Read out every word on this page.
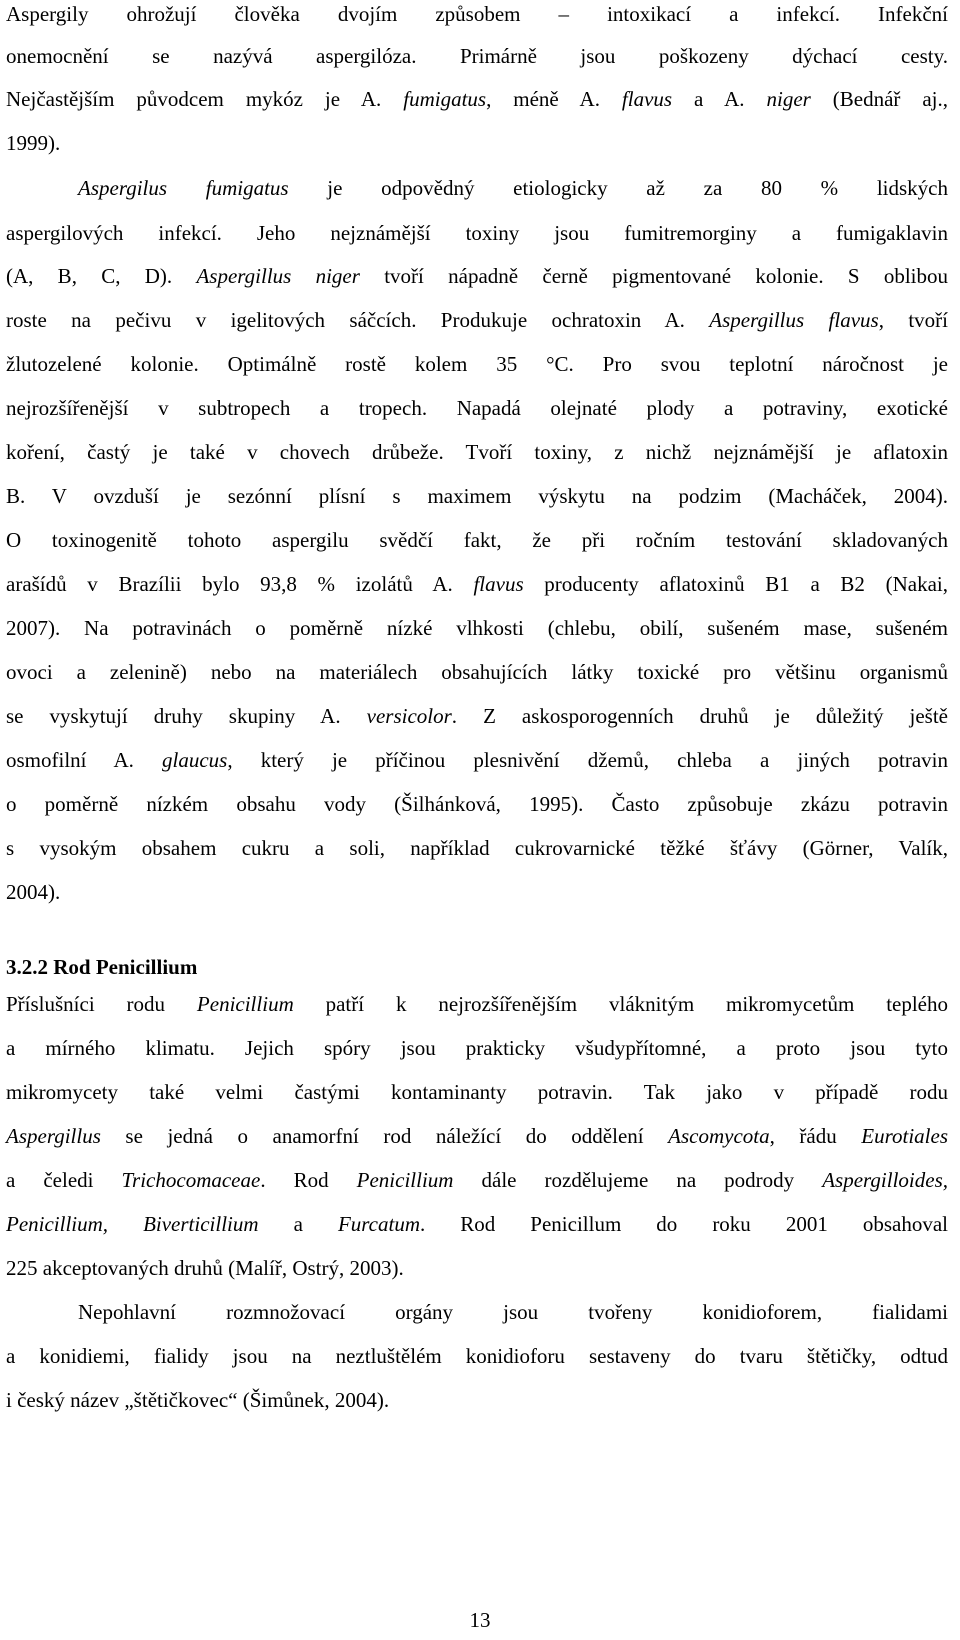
Aspergily ohrožují člověka dvojím způsobem – intoxikací a infekcí. Infekční
onemocnění se nazývá aspergilóza. Primárně jsou poškozeny dýchací cesty.
Nejčastějším původcem mykóz je A. fumigatus, méně A. flavus a A. niger (Bednář aj.,
1999).
Aspergilus fumigatus je odpovědný etiologicky až za 80 % lidských
aspergilových infekcí. Jeho nejznámější toxiny jsou fumitremorginy a fumigaklavin
(A, B, C, D). Aspergillus niger tvoří nápadně černě pigmentované kolonie. S oblibou
roste na pečivu v igelitových sáčcích. Produkuje ochratoxin A. Aspergillus flavus, tvoří
žlutozelené kolonie. Optimálně rostě kolem 35 °C. Pro svou teplotní náročnost je
nejrozšířenější v subtropech a tropech. Napadá olejnaté plody a potraviny, exotické
koření, častý je také v chovech drůbeže. Tvoří toxiny, z nichž nejznámější je aflatoxin
B. V ovzduší je sezónní plísní s maximem výskytu na podzim (Macháček, 2004).
O toxinogenitě tohoto aspergilu svědčí fakt, že při ročním testování skladovaných
arašídů v Brazílii bylo 93,8 % izolátů A. flavus producenty aflatoxinů B1 a B2 (Nakai,
2007). Na potravinách o poměrně nízké vlhkosti (chlebu, obilí, sušeném mase, sušeném
ovoci a zelenině) nebo na materiálech obsahujících látky toxické pro většinu organismů
se vyskytují druhy skupiny A. versicolor. Z askosporogenních druhů je důležitý ještě
osmofilní A. glaucus, který je příčinou plesnivění džemů, chleba a jiných potravin
o poměrně nízkém obsahu vody (Šilhánková, 1995). Často způsobuje zkázu potravin
s vysokým obsahem cukru a soli, například cukrovarnické těžké šťávy (Görner, Valík,
2004).
3.2.2 Rod Penicillium
Příslušníci rodu Penicillium patří k nejrozšířenějším vláknitým mikromycetům teplého
a mírného klimatu. Jejich spóry jsou prakticky všudypřítomné, a proto jsou tyto
mikromycety také velmi častými kontaminanty potravin. Tak jako v případě rodu
Aspergillus se jedná o anamorfní rod náležící do oddělení Ascomycota, řádu Eurotiales
a čeledi Trichocomaceae. Rod Penicillium dále rozdělujeme na podrody Aspergilloides,
Penicillium, Biverticillium a Furcatum. Rod Penicillum do roku 2001 obsahoval
225 akceptovaných druhů (Malíř, Ostrý, 2003).
Nepohlavní rozmnožovací orgány jsou tvořeny konidioforem, fialidami
a konidiemi, fialidy jsou na neztluštělém konidioforu sestaveny do tvaru štětičky, odtud
i český název „štětičkovec“ (Šimůnek, 2004).
13
